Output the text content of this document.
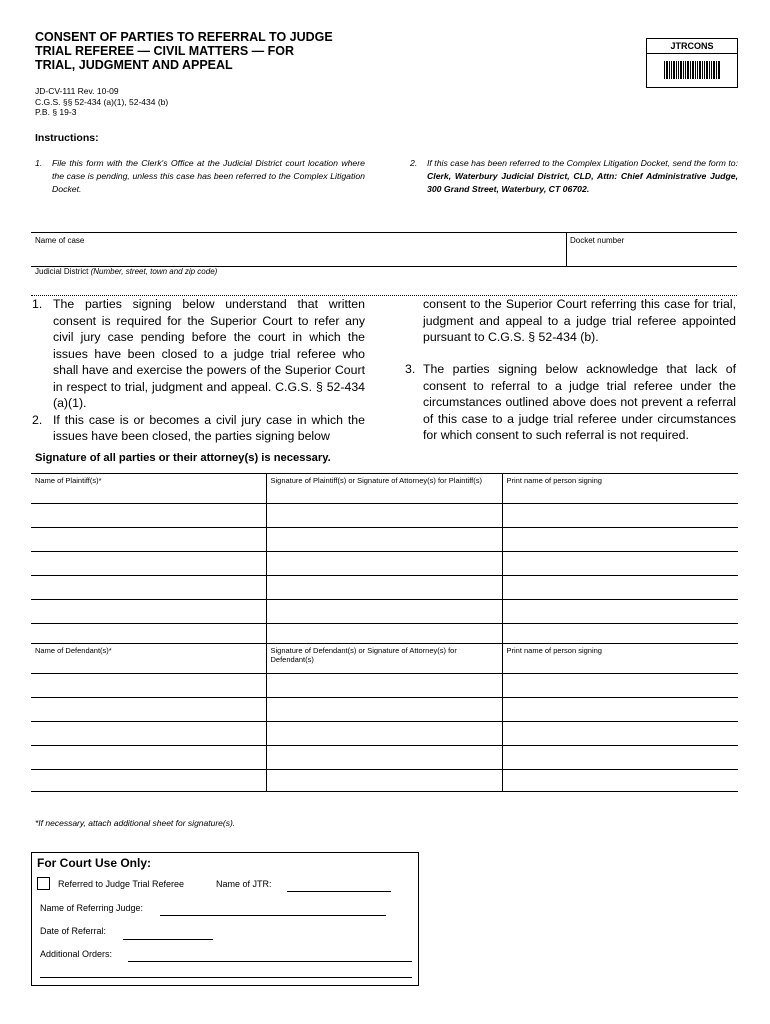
CONSENT OF PARTIES TO REFERRAL TO JUDGE TRIAL REFEREE — CIVIL MATTERS — FOR TRIAL, JUDGMENT AND APPEAL
JD-CV-111 Rev. 10-09
C.G.S. §§ 52-434 (a)(1), 52-434 (b)
P.B. § 19-3
JTRCONS
Instructions:
1. File this form with the Clerk's Office at the Judicial District court location where the case is pending, unless this case has been referred to the Complex Litigation Docket.
2. If this case has been referred to the Complex Litigation Docket, send the form to: Clerk, Waterbury Judicial District, CLD, Attn: Chief Administrative Judge, 300 Grand Street, Waterbury, CT 06702.
Name of case	Docket number
Judicial District (Number, street, town and zip code)
1. The parties signing below understand that written consent is required for the Superior Court to refer any civil jury case pending before the court in which the issues have been closed to a judge trial referee who shall have and exercise the powers of the Superior Court in respect to trial, judgment and appeal. C.G.S. § 52-434 (a)(1).
2. If this case is or becomes a civil jury case in which the issues have been closed, the parties signing below
consent to the Superior Court referring this case for trial, judgment and appeal to a judge trial referee appointed pursuant to C.G.S. § 52-434 (b).
3. The parties signing below acknowledge that lack of consent to referral to a judge trial referee under the circumstances outlined above does not prevent a referral of this case to a judge trial referee under circumstances for which consent to such referral is not required.
Signature of all parties or their attorney(s) is necessary.
Name of Plaintiff(s)*	Signature of Plaintiff(s) or Signature of Attorney(s) for Plaintiff(s)	Print name of person signing

Name of Defendant(s)*	Signature of Defendant(s) or Signature of Attorney(s) for Defendant(s)	Print name of person signing

*If necessary, attach additional sheet for signature(s).
For Court Use Only:
Referred to Judge Trial Referee	Name of JTR:
Name of Referring Judge:
Date of Referral:
Additional Orders:
